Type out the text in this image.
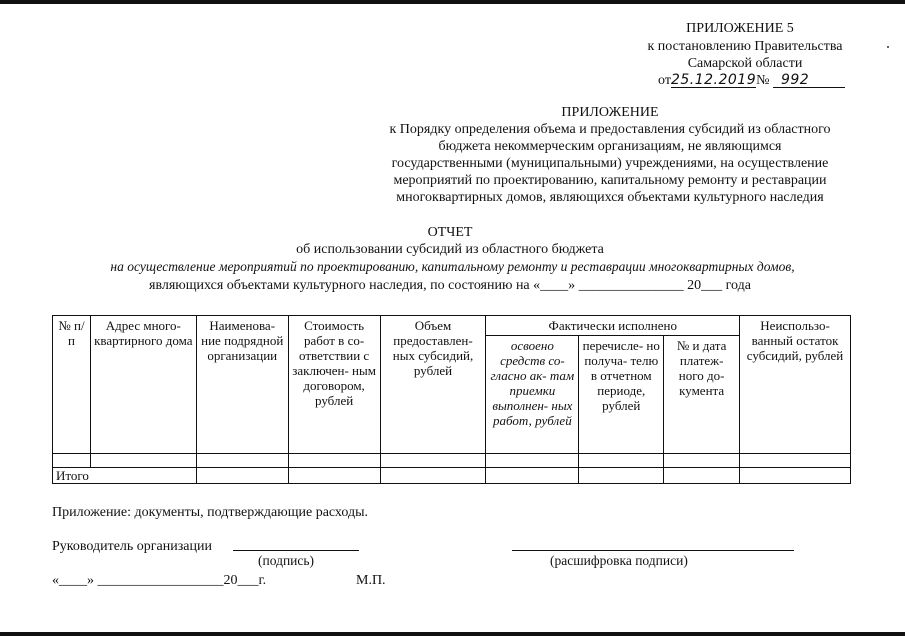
ПРИЛОЖЕНИЕ 5
к постановлению Правительства
Самарской области
от25.12.2019№ 992
ПРИЛОЖЕНИЕ
к Порядку определения объема и предоставления субсидий из областного
бюджета некоммерческим организациям, не являющимся
государственными (муниципальными) учреждениями, на осуществление
мероприятий по проектированию, капитальному ремонту и реставрации
многоквартирных домов, являющихся объектами культурного наследия
ОТЧЕТ
об использовании субсидий из областного бюджета
на осуществление мероприятий по проектированию, капитальному ремонту и реставрации многоквартирных домов,
являющихся объектами культурного наследия, по состоянию на «____» _______________ 20___ года
№ п/п	Адрес много- квартирного дома	Наименова- ние подрядной организации	Стоимость работ в со- ответствии с заключен- ным договором, рублей	Объем предоставлен- ных субсидий, рублей	Фактически исполнено			Неиспользо- ванный остаток субсидий, рублей
					освоено средств со- гласно ак- там приемки выполнен- ных работ, рублей	перечисле- но получа- телю в отчетном периоде, рублей	№ и дата платеж- ного до- кумента	

Итого								
Приложение: документы, подтверждающие расходы.
Руководитель организации
(подпись)	(расшифровка подписи)
«____» __________________20___г.	М.П.
